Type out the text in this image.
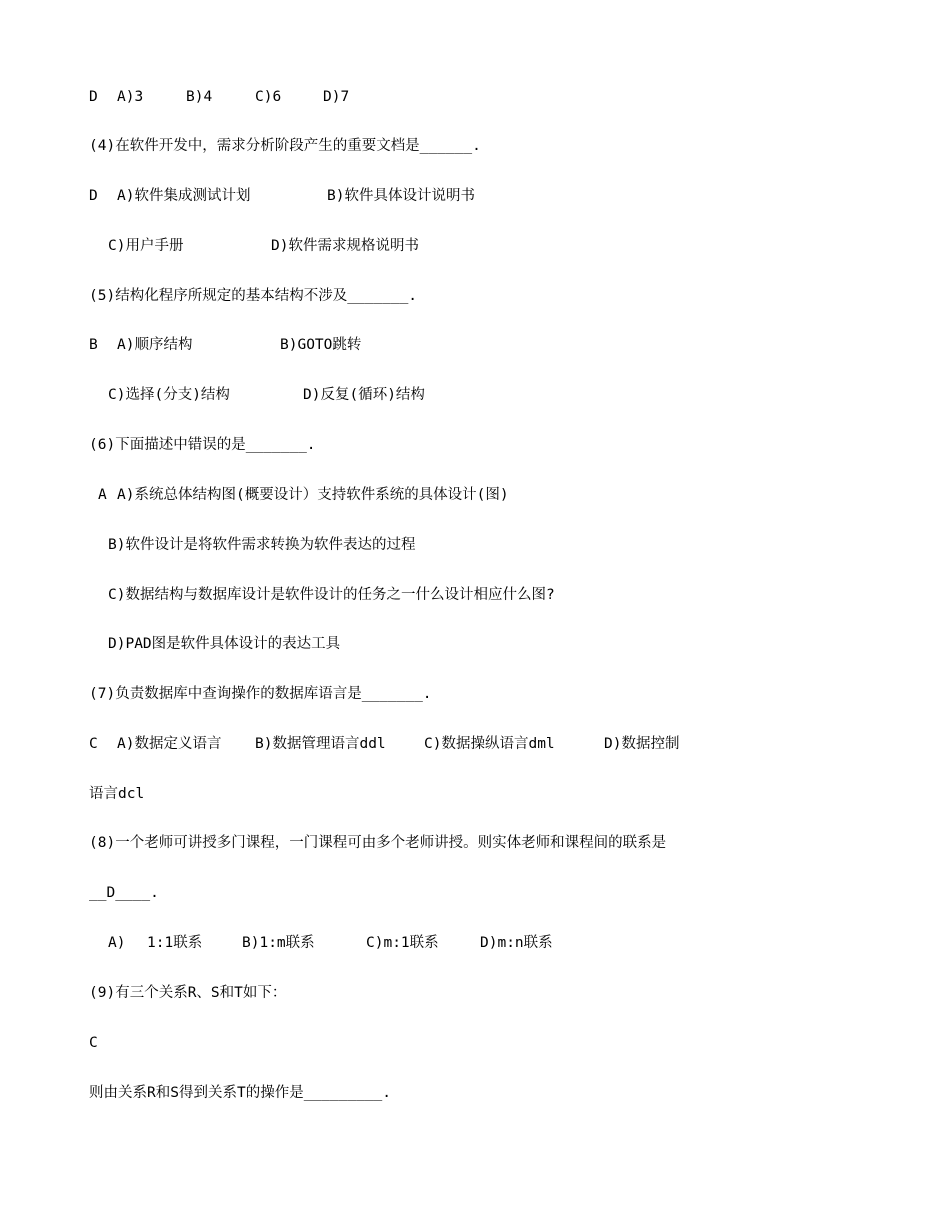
D

A)3

	B)4

	C)6

	D)7

(4)在软件开发中，需求分析阶段产生的重要文档是______.

D

A)软件集成测试计划

	B)软件具体设计说明书

C)用户手册

	D)软件需求规格说明书

(5)结构化程序所规定的基本结构不涉及_______.

B

A)顺序结构

	B)GOTO跳转

C)选择(分支)结构

	D)反复(循环)结构

(6)下面描述中错误的是_______.

A

A)系统总体结构图(概要设计）支持软件系统的具体设计(图)

B)软件设计是将软件需求转换为软件表达的过程

C)数据结构与数据库设计是软件设计的任务之一什么设计相应什么图?

D)PAD图是软件具体设计的表达工具

(7)负责数据库中查询操作的数据库语言是_______.

C

A)数据定义语言

B)数据管理语言ddl

	C)数据操纵语言dml

	D)数据控制

语言dcl

(8)一个老师可讲授多门课程，一门课程可由多个老师讲授。则实体老师和课程间的联系是

__D____.

A)

1:1联系

	B)1:m联系

	C)m:1联系

	D)m:n联系

(9)有三个关系R、S和T如下：

C

则由关系R和S得到关系T的操作是_________.
